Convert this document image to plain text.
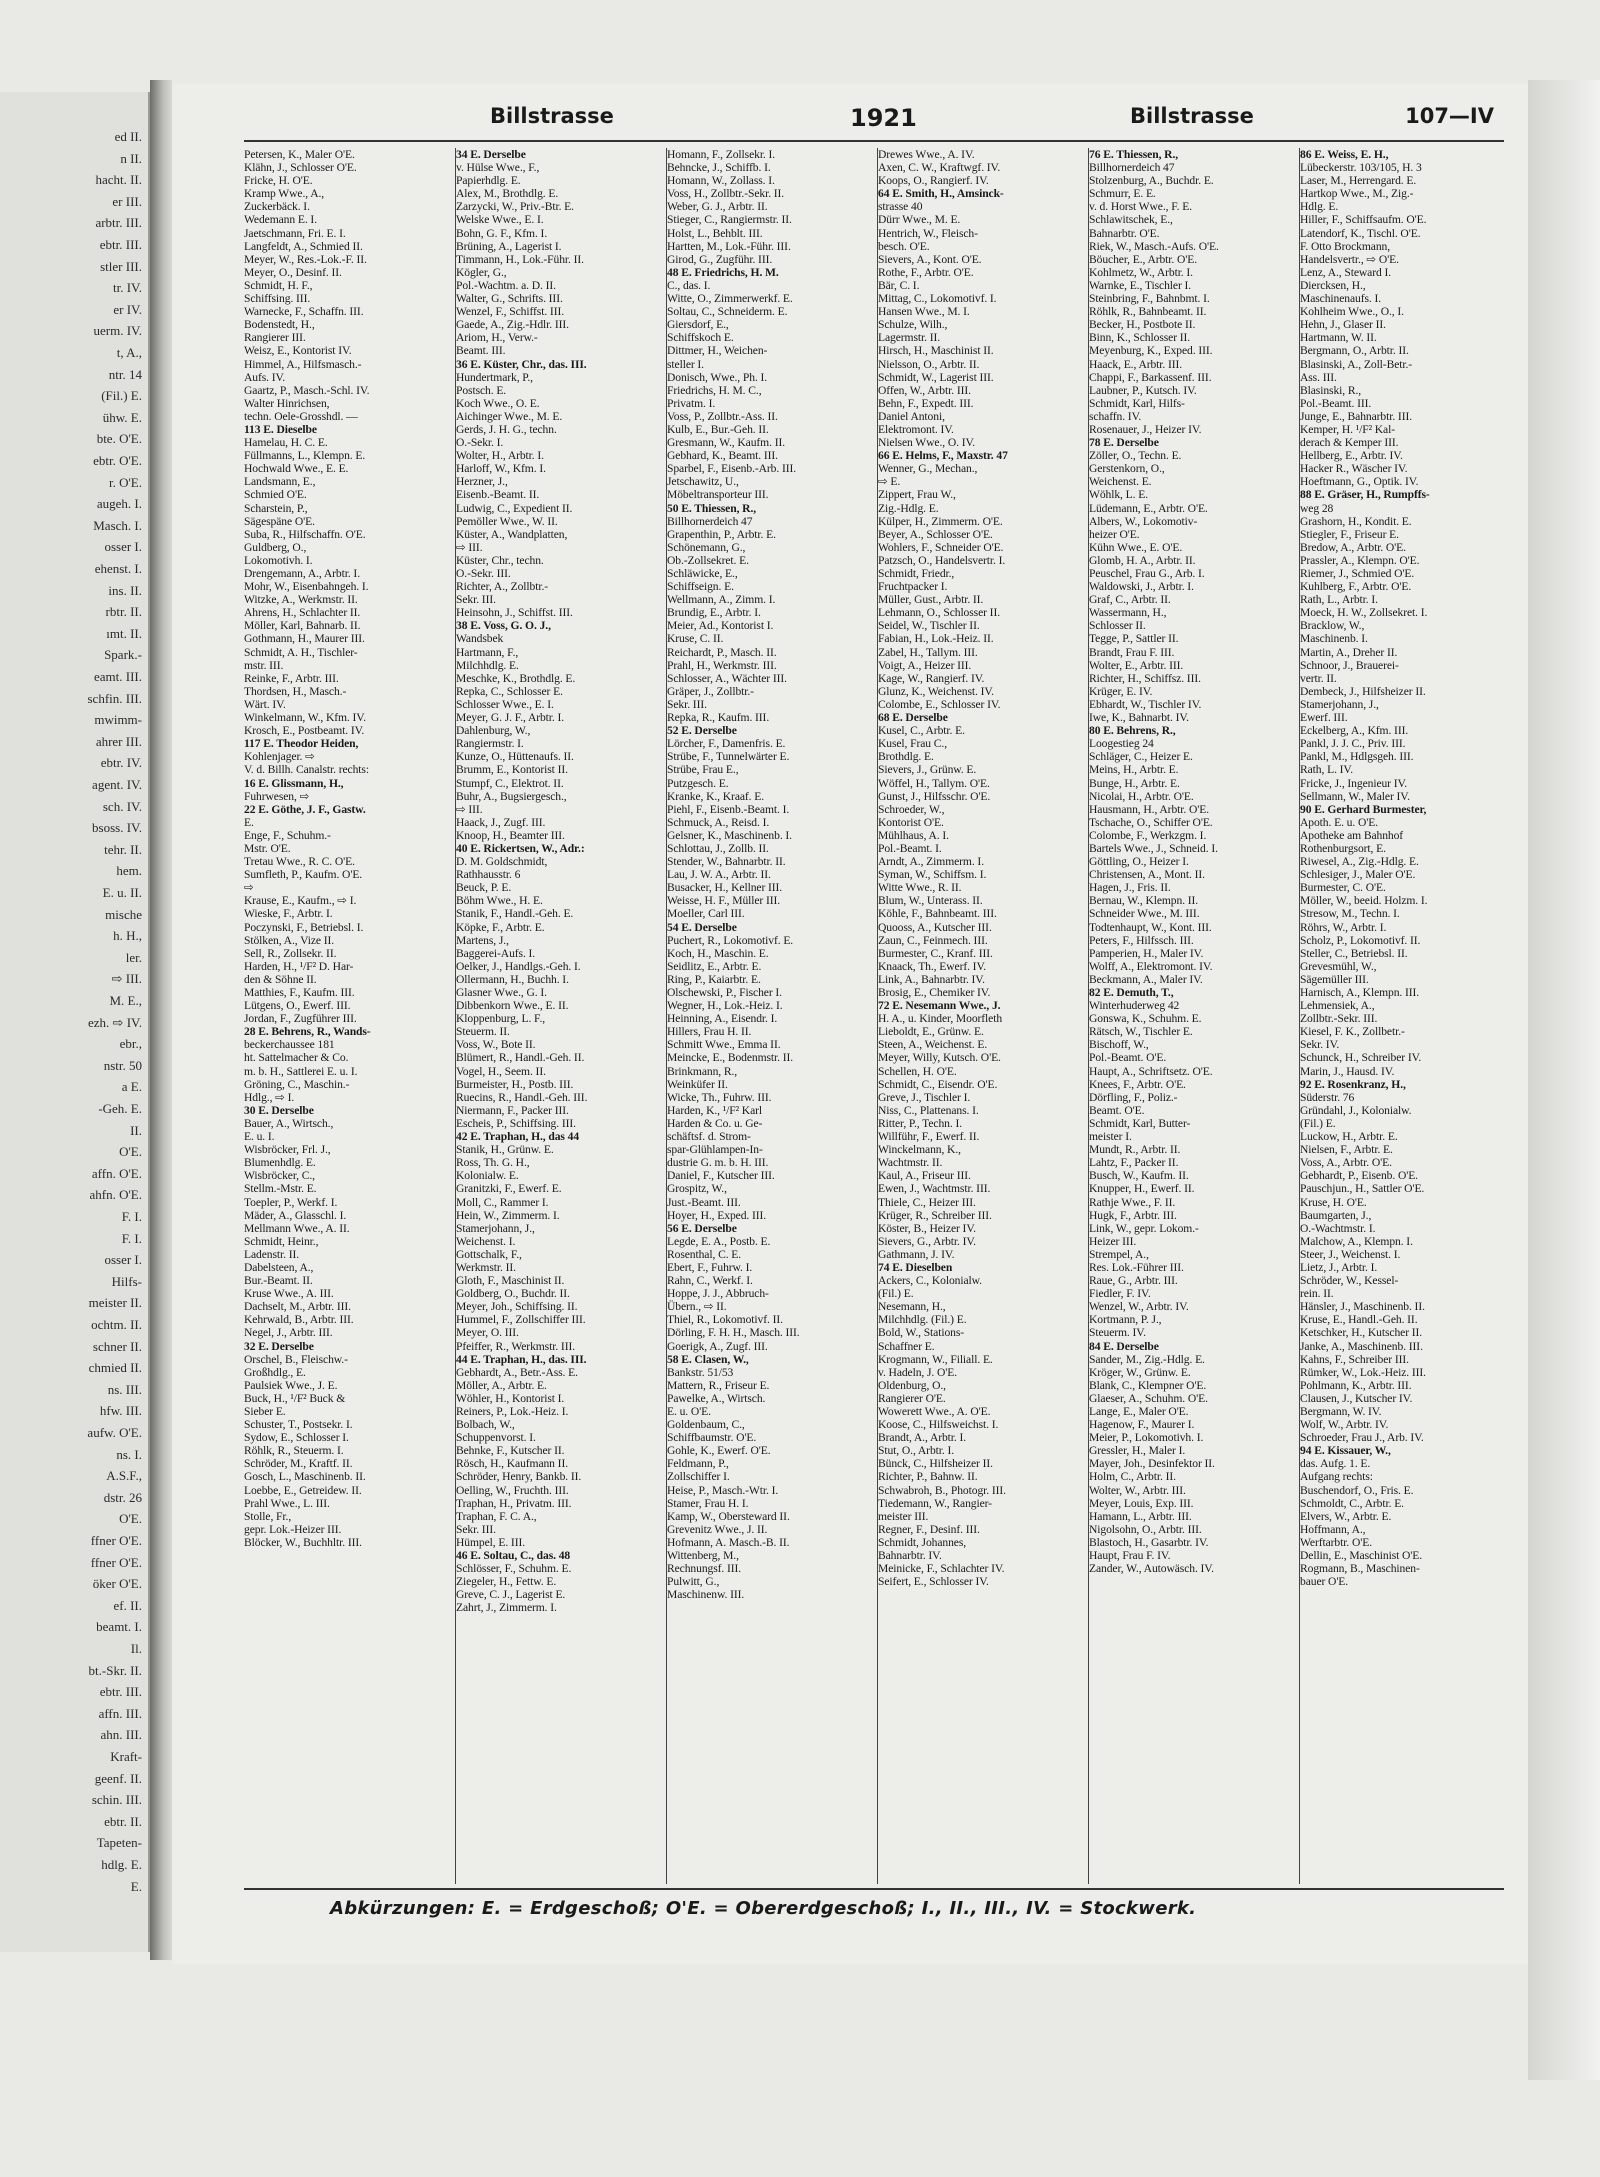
ed II.
n II.
hacht. II.
er III.
arbtr. III.
ebtr. III.
stler III.
tr. IV.
er IV.
uerm. IV.
t, A.,
ntr. 14
(Fil.) E.
ühw. E.
bte. O'E.
ebtr. O'E.
r. O'E.
augeh. I.
Masch. I.
osser I.
ehenst. I.
ins. II.
rbtr. II.
ımt. II.
Spark.-
eamt. III.
schfin. III.
mwimm-
ahrer III.
ebtr. IV.
agent. IV.
sch. IV.
bsoss. IV.
tehr. II.
hem.
E. u. II.
mische
h. H.,
ler.
⇨ III.
M. E.,
ezh. ⇨ IV.
ebr.,
nstr. 50
a E.
-Geh. E.
II.
O'E.
affn. O'E.
ahfn. O'E.
F. I.
F. I.
osser I.
Hilfs-
meister II.
ochtm. II.
schner II.
chmied II.
ns. III.
hfw. III.
aufw. O'E.
ns. I.
A.S.F.,
dstr. 26
O'E.
ffner O'E.
ffner O'E.
öker O'E.
ef. II.
beamt. I.
Il.
bt.-Skr. II.
ebtr. III.
affn. III.
ahn. III.
Kraft-
geenf. II.
schin. III.
ebtr. II.
Tapeten-
hdlg. E.
E.
Billstrasse	1921	Billstrasse	107—IV
Petersen, K., Maler O'E.
Klähn, J., Schlosser O'E.
Fricke, H. O'E.
Kramp Wwe., A.,
Zuckerbäck. I.
Wedemann E. I.
Jaetschmann, Fri. E. I.
Langfeldt, A., Schmied II.
Meyer, W., Res.-Lok.-F. II.
Meyer, O., Desinf. II.
Schmidt, H. F.,
Schiffsing. III.
Warnecke, F., Schaffn. III.
Bodenstedt, H.,
Rangierer III.
Weisz, E., Kontorist IV.
Himmel, A., Hilfsmasch.-
Aufs. IV.
Gaartz, P., Masch.-Schl. IV.
Walter Hinrichsen,
techn. Oele-Grosshdl. —
113 E. Dieselbe
Hamelau, H. C. E.
Füllmanns, L., Klempn. E.
Hochwald Wwe., E. E.
Landsmann, E.,
Schmied O'E.
Scharstein, P.,
Sägespäne O'E.
Suba, R., Hilfschaffn. O'E.
Guldberg, O.,
Lokomotivh. I.
Drengemann, A., Arbtr. I.
Mohr, W., Eisenbahngeh. I.
Witzke, A., Werkmstr. II.
Ahrens, H., Schlachter II.
Möller, Karl, Bahnarb. II.
Gothmann, H., Maurer III.
Schmidt, A. H., Tischler-
mstr. III.
Reinke, F., Arbtr. III.
Thordsen, H., Masch.-
Wärt. IV.
Winkelmann, W., Kfm. IV.
Krosch, E., Postbeamt. IV.
117 E. Theodor Heiden,
Kohlenjager. ⇨
V. d. Billh. Canalstr. rechts:
16 E. Glissmann, H.,
Fuhrwesen, ⇨
22 E. Göthe, J. F., Gastw.
E.
Enge, F., Schuhm.-
Mstr. O'E.
Tretau Wwe., R. C. O'E.
Sumfleth, P., Kaufm. O'E.
⇨
Krause, E., Kaufm., ⇨ I.
Wieske, F., Arbtr. I.
Poczynski, F., Betriebsl. I.
Stölken, A., Vize II.
Sell, R., Zollsekr. II.
Harden, H., ¹/F² D. Har-
den & Söhne II.
Matthies, F., Kaufm. III.
Lütgens, O., Ewerf. III.
Jordan, F., Zugführer III.
28 E. Behrens, R., Wands-
beckerchaussee 181
ht. Sattelmacher & Co.
m. b. H., Sattlerei E. u. I.
Gröning, C., Maschin.-
Hdlg., ⇨ I.
30 E. Derselbe
Bauer, A., Wirtsch.,
E. u. I.
Wisbröcker, Frl. J.,
Blumenhdlg. E.
Wisbröcker, C.,
Stellm.-Mstr. E.
Toepler, P., Werkf. I.
Mäder, A., Glasschl. I.
Mellmann Wwe., A. II.
Schmidt, Heinr.,
Ladenstr. II.
Dabelsteen, A.,
Bur.-Beamt. II.
Kruse Wwe., A. III.
Dachselt, M., Arbtr. III.
Kehrwald, B., Arbtr. III.
Negel, J., Arbtr. III.
32 E. Derselbe
Orschel, B., Fleischw.-
Großhdlg., E.
Paulsiek Wwe., J. E.
Buck, H., ¹/F² Buck &
Sieber E.
Schuster, T., Postsekr. I.
Sydow, E., Schlosser I.
Röhlk, R., Steuerm. I.
Schröder, M., Kraftf. II.
Gosch, L., Maschinenb. II.
Loebbe, E., Getreidew. II.
Prahl Wwe., L. III.
Stolle, Fr.,
gepr. Lok.-Heizer III.
Blöcker, W., Buchhltr. III.
34 E. Derselbe
v. Hülse Wwe., F.,
Papierhdlg. E.
Alex, M., Brothdlg. E.
Zarzycki, W., Priv.-Btr. E.
Welske Wwe., E. I.
Bohn, G. F., Kfm. I.
Brüning, A., Lagerist I.
Timmann, H., Lok.-Führ. II.
Kögler, G.,
Pol.-Wachtm. a. D. II.
Walter, G., Schrifts. III.
Wenzel, F., Schiffst. III.
Gaede, A., Zig.-Hdlr. III.
Ariom, H., Verw.-
Beamt. III.
36 E. Küster, Chr., das. III.
Hundertmark, P.,
Postsch. E.
Koch Wwe., O. E.
Aichinger Wwe., M. E.
Gerds, J. H. G., techn.
O.-Sekr. I.
Wolter, H., Arbtr. I.
Harloff, W., Kfm. I.
Herzner, J.,
Eisenb.-Beamt. II.
Ludwig, C., Expedient II.
Pemöller Wwe., W. II.
Küster, A., Wandplatten,
⇨ III.
Küster, Chr., techn.
O.-Sekr. III.
Richter, A., Zollbtr.-
Sekr. III.
Heinsohn, J., Schiffst. III.
38 E. Voss, G. O. J.,
Wandsbek
Hartmann, F.,
Milchhdlg. E.
Meschke, K., Brothdlg. E.
Repka, C., Schlosser E.
Schlosser Wwe., E. I.
Meyer, G. J. F., Arbtr. I.
Dahlenburg, W.,
Rangiermstr. I.
Kunze, O., Hüttenaufs. II.
Brumm, E., Kontorist II.
Stumpf, C., Elektrot. II.
Buhr, A., Bugsiergesch.,
⇨ III.
Haack, J., Zugf. III.
Knoop, H., Beamter III.
40 E. Rickertsen, W., Adr.:
D. M. Goldschmidt,
Rathhausstr. 6
Beuck, P. E.
Böhm Wwe., H. E.
Stanik, F., Handl.-Geh. E.
Köpke, F., Arbtr. E.
Martens, J.,
Baggerei-Aufs. I.
Oelker, J., Handlgs.-Geh. I.
Ollermann, H., Buchh. I.
Glasner Wwe., G. I.
Dibbenkorn Wwe., E. II.
Kloppenburg, L. F.,
Steuerm. II.
Voss, W., Bote II.
Blümert, R., Handl.-Geh. II.
Vogel, H., Seem. II.
Burmeister, H., Postb. III.
Ruecins, R., Handl.-Geh. III.
Niermann, F., Packer III.
Escheis, P., Schiffsing. III.
42 E. Traphan, H., das 44
Stanik, H., Grünw. E.
Ross, Th. G. H.,
Kolonialw. E.
Granitzki, F., Ewerf. E.
Moll, C., Rammer I.
Hein, W., Zimmerm. I.
Stamerjohann, J.,
Weichenst. I.
Gottschalk, F.,
Werkmstr. II.
Gloth, F., Maschinist II.
Goldberg, O., Buchdr. II.
Meyer, Joh., Schiffsing. II.
Hummel, F., Zollschiffer III.
Meyer, O. III.
Pfeiffer, R., Werkmstr. III.
44 E. Traphan, H., das. III.
Gebhardt, A., Betr.-Ass. E.
Möller, A., Arbtr. E.
Wöhler, H., Kontorist I.
Reiners, P., Lok.-Heiz. I.
Bolbach, W.,
Schuppenvorst. I.
Behnke, F., Kutscher II.
Rösch, H., Kaufmann II.
Schröder, Henry, Bankb. II.
Oelling, W., Fruchth. III.
Traphan, H., Privatm. III.
Traphan, F. C. A.,
Sekr. III.
Hümpel, E. III.
46 E. Soltau, C., das. 48
Schlösser, F., Schuhm. E.
Ziegeler, H., Fettw. E.
Greve, C. J., Lagerist E.
Zahrt, J., Zimmerm. I.
Homann, F., Zollsekr. I.
Behncke, J., Schiffb. I.
Homann, W., Zollass. I.
Voss, H., Zollbtr.-Sekr. II.
Weber, G. J., Arbtr. II.
Stieger, C., Rangiermstr. II.
Holst, L., Behblt. III.
Hartten, M., Lok.-Führ. III.
Girod, G., Zugführ. III.
48 E. Friedrichs, H. M.
C., das. I.
Witte, O., Zimmerwerkf. E.
Soltau, C., Schneiderm. E.
Giersdorf, E.,
Schiffskoch E.
Dittmer, H., Weichen-
steller I.
Donisch, Wwe., Ph. I.
Friedrichs, H. M. C.,
Privatm. I.
Voss, P., Zollbtr.-Ass. II.
Kulb, E., Bur.-Geh. II.
Gresmann, W., Kaufm. II.
Gebhard, K., Beamt. III.
Sparbel, F., Eisenb.-Arb. III.
Jetschawitz, U.,
Möbeltransporteur III.
50 E. Thiessen, R.,
Billhornerdeich 47
Grapenthin, P., Arbtr. E.
Schönemann, G.,
Ob.-Zollsekret. E.
Schläwicke, E.,
Schiffseign. E.
Wellmann, A., Zimm. I.
Brundig, E., Arbtr. I.
Meier, Ad., Kontorist I.
Kruse, C. II.
Reichardt, P., Masch. II.
Prahl, H., Werkmstr. III.
Schlosser, A., Wächter III.
Gräper, J., Zollbtr.-
Sekr. III.
Repka, R., Kaufm. III.
52 E. Derselbe
Lörcher, F., Damenfris. E.
Strübe, F., Tunnelwärter E.
Strübe, Frau E.,
Putzgesch. E.
Kranke, K., Kraaf. E.
Piehl, F., Eisenb.-Beamt. I.
Schmuck, A., Reisd. I.
Gelsner, K., Maschinenb. I.
Schlottau, J., Zollb. II.
Stender, W., Bahnarbtr. II.
Lau, J. W. A., Arbtr. II.
Busacker, H., Kellner III.
Weisse, H. F., Müller III.
Moeller, Carl III.
54 E. Derselbe
Puchert, R., Lokomotivf. E.
Koch, H., Maschin. E.
Seidlitz, E., Arbtr. E.
Ring, P., Kaiarbtr. E.
Olschewski, P., Fischer I.
Wegner, H., Lok.-Heiz. I.
Heinning, A., Eisendr. I.
Hillers, Frau H. II.
Schmitt Wwe., Emma II.
Meincke, E., Bodenmstr. II.
Brinkmann, R.,
Weinküfer II.
Wicke, Th., Fuhrw. III.
Harden, K., ¹/F² Karl
Harden & Co. u. Ge-
schäftsf. d. Strom-
spar-Glühlampen-In-
dustrie G. m. b. H. III.
Daniel, F., Kutscher III.
Grospitz, W.,
Just.-Beamt. III.
Hoyer, H., Exped. III.
56 E. Derselbe
Legde, E. A., Postb. E.
Rosenthal, C. E.
Ebert, F., Fuhrw. I.
Rahn, C., Werkf. I.
Hoppe, J. J., Abbruch-
Übern., ⇨ II.
Thiel, R., Lokomotivf. II.
Dörling, F. H. H., Masch. III.
Goerigk, A., Zugf. III.
58 E. Clasen, W.,
Bankstr. 51/53
Mattern, R., Friseur E.
Pawelke, A., Wirtsch.
E. u. O'E.
Goldenbaum, C.,
Schiffbaumstr. O'E.
Gohle, K., Ewerf. O'E.
Feldmann, P.,
Zollschiffer I.
Heise, P., Masch.-Wtr. I.
Stamer, Frau H. I.
Kamp, W., Obersteward II.
Grevenitz Wwe., J. II.
Hofmann, A. Masch.-B. II.
Wittenberg, M.,
Rechnungsf. III.
Pulwitt, G.,
Maschinenw. III.
Drewes Wwe., A. IV.
Axen, C. W., Kraftwgf. IV.
Koops, O., Rangierf. IV.
64 E. Smith, H., Amsinck-
strasse 40
Dürr Wwe., M. E.
Hentrich, W., Fleisch-
besch. O'E.
Sievers, A., Kont. O'E.
Rothe, F., Arbtr. O'E.
Bär, C. I.
Mittag, C., Lokomotivf. I.
Hansen Wwe., M. I.
Schulze, Wilh.,
Lagermstr. II.
Hirsch, H., Maschinist II.
Nielsson, O., Arbtr. II.
Schmidt, W., Lagerist III.
Offen, W., Arbtr. III.
Behn, F., Expedt. III.
Daniel Antoni,
Elektromont. IV.
Nielsen Wwe., O. IV.
66 E. Helms, F., Maxstr. 47
Wenner, G., Mechan.,
⇨ E.
Zippert, Frau W.,
Zig.-Hdlg. E.
Külper, H., Zimmerm. O'E.
Beyer, A., Schlosser O'E.
Wohlers, F., Schneider O'E.
Patzsch, O., Handelsvertr. I.
Schmidt, Friedr.,
Fruchtpacker I.
Müller, Gust., Arbtr. II.
Lehmann, O., Schlosser II.
Seidel, W., Tischler II.
Fabian, H., Lok.-Heiz. II.
Zabel, H., Tallym. III.
Voigt, A., Heizer III.
Kage, W., Rangierf. IV.
Glunz, K., Weichenst. IV.
Colombe, E., Schlosser IV.
68 E. Derselbe
Kusel, C., Arbtr. E.
Kusel, Frau C.,
Brothdlg. E.
Sievers, J., Grünw. E.
Wöffel, H., Tallym. O'E.
Gunst, J., Hilfsschr. O'E.
Schroeder, W.,
Kontorist O'E.
Mühlhaus, A. I.
Pol.-Beamt. I.
Arndt, A., Zimmerm. I.
Syman, W., Schiffsm. I.
Witte Wwe., R. II.
Blum, W., Unterass. II.
Köhle, F., Bahnbeamt. III.
Quooss, A., Kutscher III.
Zaun, C., Feinmech. III.
Burmester, C., Kranf. III.
Knaack, Th., Ewerf. IV.
Link, A., Bahnarbtr. IV.
Brosig, E., Chemiker IV.
72 E. Nesemann Wwe., J.
H. A., u. Kinder, Moorfleth
Lieboldt, E., Grünw. E.
Steen, A., Weichenst. E.
Meyer, Willy, Kutsch. O'E.
Schellen, H. O'E.
Schmidt, C., Eisendr. O'E.
Greve, J., Tischler I.
Niss, C., Plattenans. I.
Ritter, P., Techn. I.
Willführ, F., Ewerf. II.
Winckelmann, K.,
Wachtmstr. II.
Kaul, A., Friseur III.
Ewen, J., Wachtmstr. III.
Thiele, C., Heizer III.
Krüger, R., Schreiber III.
Köster, B., Heizer IV.
Sievers, G., Arbtr. IV.
Gathmann, J. IV.
74 E. Dieselben
Ackers, C., Kolonialw.
(Fil.) E.
Nesemann, H.,
Milchhdlg. (Fil.) E.
Bold, W., Stations-
Schaffner E.
Krogmann, W., Filiall. E.
v. Hadeln, J. O'E.
Oldenburg, O.,
Rangierer O'E.
Wowerett Wwe., A. O'E.
Koose, C., Hilfsweichst. I.
Brandt, A., Arbtr. I.
Stut, O., Arbtr. I.
Bünck, C., Hilfsheizer II.
Richter, P., Bahnw. II.
Schwabroh, B., Photogr. III.
Tiedemann, W., Rangier-
meister III.
Regner, F., Desinf. III.
Schmidt, Johannes,
Bahnarbtr. IV.
Meinicke, F., Schlachter IV.
Seifert, E., Schlosser IV.
76 E. Thiessen, R.,
Billhornerdeich 47
Stolzenburg, A., Buchdr. E.
Schmurr, E. E.
v. d. Horst Wwe., F. E.
Schlawitschek, E.,
Bahnarbtr. O'E.
Riek, W., Masch.-Aufs. O'E.
Böucher, E., Arbtr. O'E.
Kohlmetz, W., Arbtr. I.
Warnke, E., Tischler I.
Steinbring, F., Bahnbmt. I.
Röhlk, R., Bahnbeamt. II.
Becker, H., Postbote II.
Binn, K., Schlosser II.
Meyenburg, K., Exped. III.
Haack, E., Arbtr. III.
Chappi, F., Barkassenf. III.
Laubner, P., Kutsch. IV.
Schmidt, Karl, Hilfs-
schaffn. IV.
Rosenauer, J., Heizer IV.
78 E. Derselbe
Zöller, O., Techn. E.
Gerstenkorn, O.,
Weichenst. E.
Wöhlk, L. E.
Lüdemann, E., Arbtr. O'E.
Albers, W., Lokomotiv-
heizer O'E.
Kühn Wwe., E. O'E.
Glomb, H. A., Arbtr. II.
Peuschel, Frau G., Arb. I.
Waldowski, J., Arbtr. I.
Graf, C., Arbtr. II.
Wassermann, H.,
Schlosser II.
Tegge, P., Sattler II.
Brandt, Frau F. III.
Wolter, E., Arbtr. III.
Richter, H., Schiffsz. III.
Krüger, E. IV.
Ebhardt, W., Tischler IV.
Iwe, K., Bahnarbt. IV.
80 E. Behrens, R.,
Loogestieg 24
Schläger, C., Heizer E.
Meins, H., Arbtr. E.
Bunge, H., Arbtr. E.
Nicolai, H., Arbtr. O'E.
Hausmann, H., Arbtr. O'E.
Tschache, O., Schiffer O'E.
Colombe, F., Werkzgm. I.
Bartels Wwe., J., Schneid. I.
Göttling, O., Heizer I.
Christensen, A., Mont. II.
Hagen, J., Fris. II.
Bernau, W., Klempn. II.
Schneider Wwe., M. III.
Todtenhaupt, W., Kont. III.
Peters, F., Hilfssch. III.
Pamperien, H., Maler IV.
Wolff, A., Elektromont. IV.
Beckmann, A., Maler IV.
82 E. Demuth, T.,
Winterhuderweg 42
Gonswa, K., Schuhm. E.
Rätsch, W., Tischler E.
Bischoff, W.,
Pol.-Beamt. O'E.
Haupt, A., Schriftsetz. O'E.
Knees, F., Arbtr. O'E.
Dörfling, F., Poliz.-
Beamt. O'E.
Schmidt, Karl, Butter-
meister I.
Mundt, R., Arbtr. II.
Lahtz, F., Packer II.
Busch, W., Kaufm. II.
Knupper, H., Ewerf. II.
Rathje Wwe., F. II.
Hugk, F., Arbtr. III.
Link, W., gepr. Lokom.-
Heizer III.
Strempel, A.,
Res. Lok.-Führer III.
Raue, G., Arbtr. III.
Fiedler, F. IV.
Wenzel, W., Arbtr. IV.
Kortmann, P. J.,
Steuerm. IV.
84 E. Derselbe
Sander, M., Zig.-Hdlg. E.
Kröger, W., Grünw. E.
Blank, C., Klempner O'E.
Glaeser, A., Schuhm. O'E.
Lange, E., Maler O'E.
Hagenow, F., Maurer I.
Meier, P., Lokomotivh. I.
Gressler, H., Maler I.
Mayer, Joh., Desinfektor II.
Holm, C., Arbtr. II.
Wolter, W., Arbtr. III.
Meyer, Louis, Exp. III.
Hamann, L., Arbtr. III.
Nigolsohn, O., Arbtr. III.
Blastoch, H., Gasarbtr. IV.
Haupt, Frau F. IV.
Zander, W., Autowäsch. IV.
86 E. Weiss, E. H.,
Lübeckerstr. 103/105, H. 3
Laser, M., Herrengard. E.
Hartkop Wwe., M., Zig.-
Hdlg. E.
Hiller, F., Schiffsaufm. O'E.
Latendorf, K., Tischl. O'E.
F. Otto Brockmann,
Handelsvertr., ⇨ O'E.
Lenz, A., Steward I.
Diercksen, H.,
Maschinenaufs. I.
Kohlheim Wwe., O., I.
Hehn, J., Glaser II.
Hartmann, W. II.
Bergmann, O., Arbtr. II.
Blasinski, A., Zoll-Betr.-
Ass. III.
Blasinski, R.,
Pol.-Beamt. III.
Junge, E., Bahnarbtr. III.
Kemper, H. ¹/F² Kal-
derach & Kemper III.
Hellberg, E., Arbtr. IV.
Hacker R., Wäscher IV.
Hoeftmann, G., Optik. IV.
88 E. Gräser, H., Rumpffs-
weg 28
Grashorn, H., Kondit. E.
Stiegler, F., Friseur E.
Bredow, A., Arbtr. O'E.
Prassler, A., Klempn. O'E.
Riemer, J., Schmied O'E.
Kuhlberg, F., Arbtr. O'E.
Rath, L., Arbtr. I.
Moeck, H. W., Zollsekret. I.
Bracklow, W.,
Maschinenb. I.
Martin, A., Dreher II.
Schnoor, J., Brauerei-
vertr. II.
Dembeck, J., Hilfsheizer II.
Stamerjohann, J.,
Ewerf. III.
Eckelberg, A., Kfm. III.
Pankl, J. J. C., Priv. III.
Pankl, M., Hdlgsgeh. III.
Rath, L. IV.
Fricke, J., Ingenieur IV.
Sellmann, W., Maler IV.
90 E. Gerhard Burmester,
Apoth. E. u. O'E.
Apotheke am Bahnhof
Rothenburgsort, E.
Riwesel, A., Zig.-Hdlg. E.
Schlesiger, J., Maler O'E.
Burmester, C. O'E.
Möller, W., beeid. Holzm. I.
Stresow, M., Techn. I.
Röhrs, W., Arbtr. I.
Scholz, P., Lokomotivf. II.
Steller, C., Betriebsl. II.
Grevesmühl, W.,
Sägemüller III.
Harnisch, A., Klempn. III.
Lehmensiek, A.,
Zollbtr.-Sekr. III.
Kiesel, F. K., Zollbetr.-
Sekr. IV.
Schunck, H., Schreiber IV.
Marin, J., Hausd. IV.
92 E. Rosenkranz, H.,
Süderstr. 76
Gründahl, J., Kolonialw.
(Fil.) E.
Luckow, H., Arbtr. E.
Nielsen, F., Arbtr. E.
Voss, A., Arbtr. O'E.
Gebhardt, P., Eisenb. O'E.
Pauschjun., H., Sattler O'E.
Kruse, H. O'E.
Baumgarten, J.,
O.-Wachtmstr. I.
Malchow, A., Klempn. I.
Steer, J., Weichenst. I.
Lietz, J., Arbtr. I.
Schröder, W., Kessel-
rein. II.
Hänsler, J., Maschinenb. II.
Kruse, E., Handl.-Geh. II.
Ketschker, H., Kutscher II.
Janke, A., Maschinenb. III.
Kahns, F., Schreiber III.
Rümker, W., Lok.-Heiz. III.
Pohlmann, K., Arbtr. III.
Clausen, J., Kutscher IV.
Bergmann, W. IV.
Wolf, W., Arbtr. IV.
Schroeder, Frau J., Arb. IV.
94 E. Kissauer, W.,
das. Aufg. 1. E.
Aufgang rechts:
Buschendorf, O., Fris. E.
Schmoldt, C., Arbtr. E.
Elvers, W., Arbtr. E.
Hoffmann, A.,
Werftarbtr. O'E.
Dellin, E., Maschinist O'E.
Rogmann, B., Maschinen-
bauer O'E.
Abkürzungen: E. = Erdgeschoß; O'E. = Obererdgeschoß; I., II., III., IV. = Stockwerk.
